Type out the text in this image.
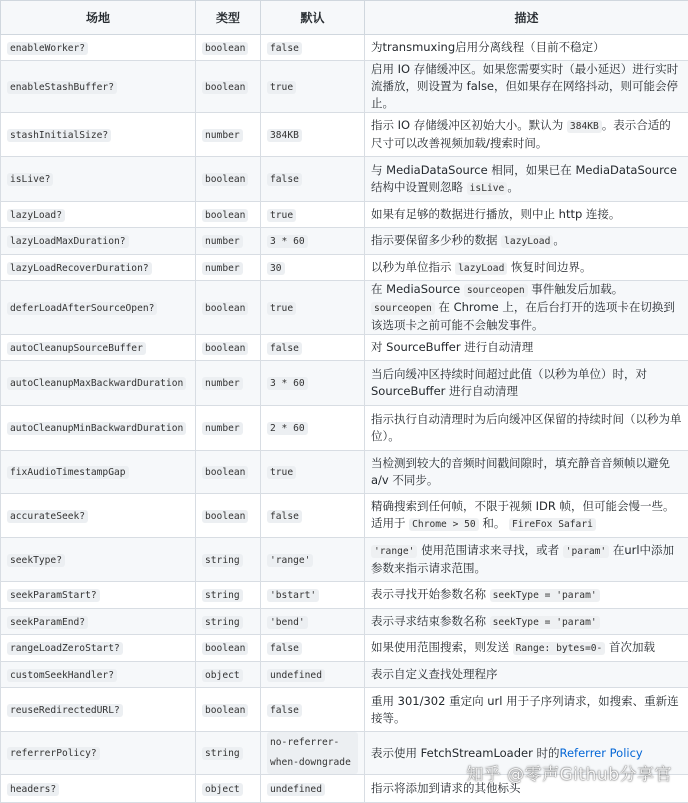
场地	类型	默认	描述
enableWorker?	boolean	false	为transmuxing启用分离线程（目前不稳定）
enableStashBuffer?	boolean	true	启用 IO 存储缓冲区。如果您需要实时（最小延迟）进行实时流播放，则设置为 false，但如果存在网络抖动，则可能会停止。
stashInitialSize?	number	384KB	指示 IO 存储缓冲区初始大小。默认为 384KB 。表示合适的尺寸可以改善视频加载/搜索时间。
isLive?	boolean	false	与 MediaDataSource 相同，如果已在 MediaDataSource 结构中设置则忽略 isLive 。
lazyLoad?	boolean	true	如果有足够的数据进行播放，则中止 http 连接。
lazyLoadMaxDuration?	number	3 * 60	指示要保留多少秒的数据 lazyLoad 。
lazyLoadRecoverDuration?	number	30	以秒为单位指示 lazyLoad 恢复时间边界。
deferLoadAfterSourceOpen?	boolean	true	在 MediaSource sourceopen 事件触发后加载。 sourceopen 在 Chrome 上，在后台打开的选项卡在切换到该选项卡之前可能不会触发事件。
autoCleanupSourceBuffer	boolean	false	对 SourceBuffer 进行自动清理
autoCleanupMaxBackwardDuration	number	3 * 60	当后向缓冲区持续时间超过此值（以秒为单位）时，对 SourceBuffer 进行自动清理
autoCleanupMinBackwardDuration	number	2 * 60	指示执行自动清理时为后向缓冲区保留的持续时间（以秒为单位）。
fixAudioTimestampGap	boolean	true	当检测到较大的音频时间戳间隙时，填充静音音频帧以避免 a/v 不同步。
accurateSeek?	boolean	false	精确搜索到任何帧，不限于视频 IDR 帧，但可能会慢一些。适用于 Chrome > 50 和。 FireFox Safari
seekType?	string	'range'	'range' 使用范围请求来寻找，或者 'param' 在url中添加参数来指示请求范围。
seekParamStart?	string	'bstart'	表示寻找开始参数名称 seekType = 'param'
seekParamEnd?	string	'bend'	表示寻求结束参数名称 seekType = 'param'
rangeLoadZeroStart?	boolean	false	如果使用范围搜索，则发送 Range: bytes=0- 首次加载
customSeekHandler?	object	undefined	表示自定义查找处理程序
reuseRedirectedURL?	boolean	false	重用 301/302 重定向 url 用于子序列请求，如搜索、重新连接等。
referrerPolicy?	string	no-referrer-when-downgrade	表示使用 FetchStreamLoader 时的Referrer Policy
headers?	object	undefined	指示将添加到请求的其他标头
知乎 @零声Github分享官
